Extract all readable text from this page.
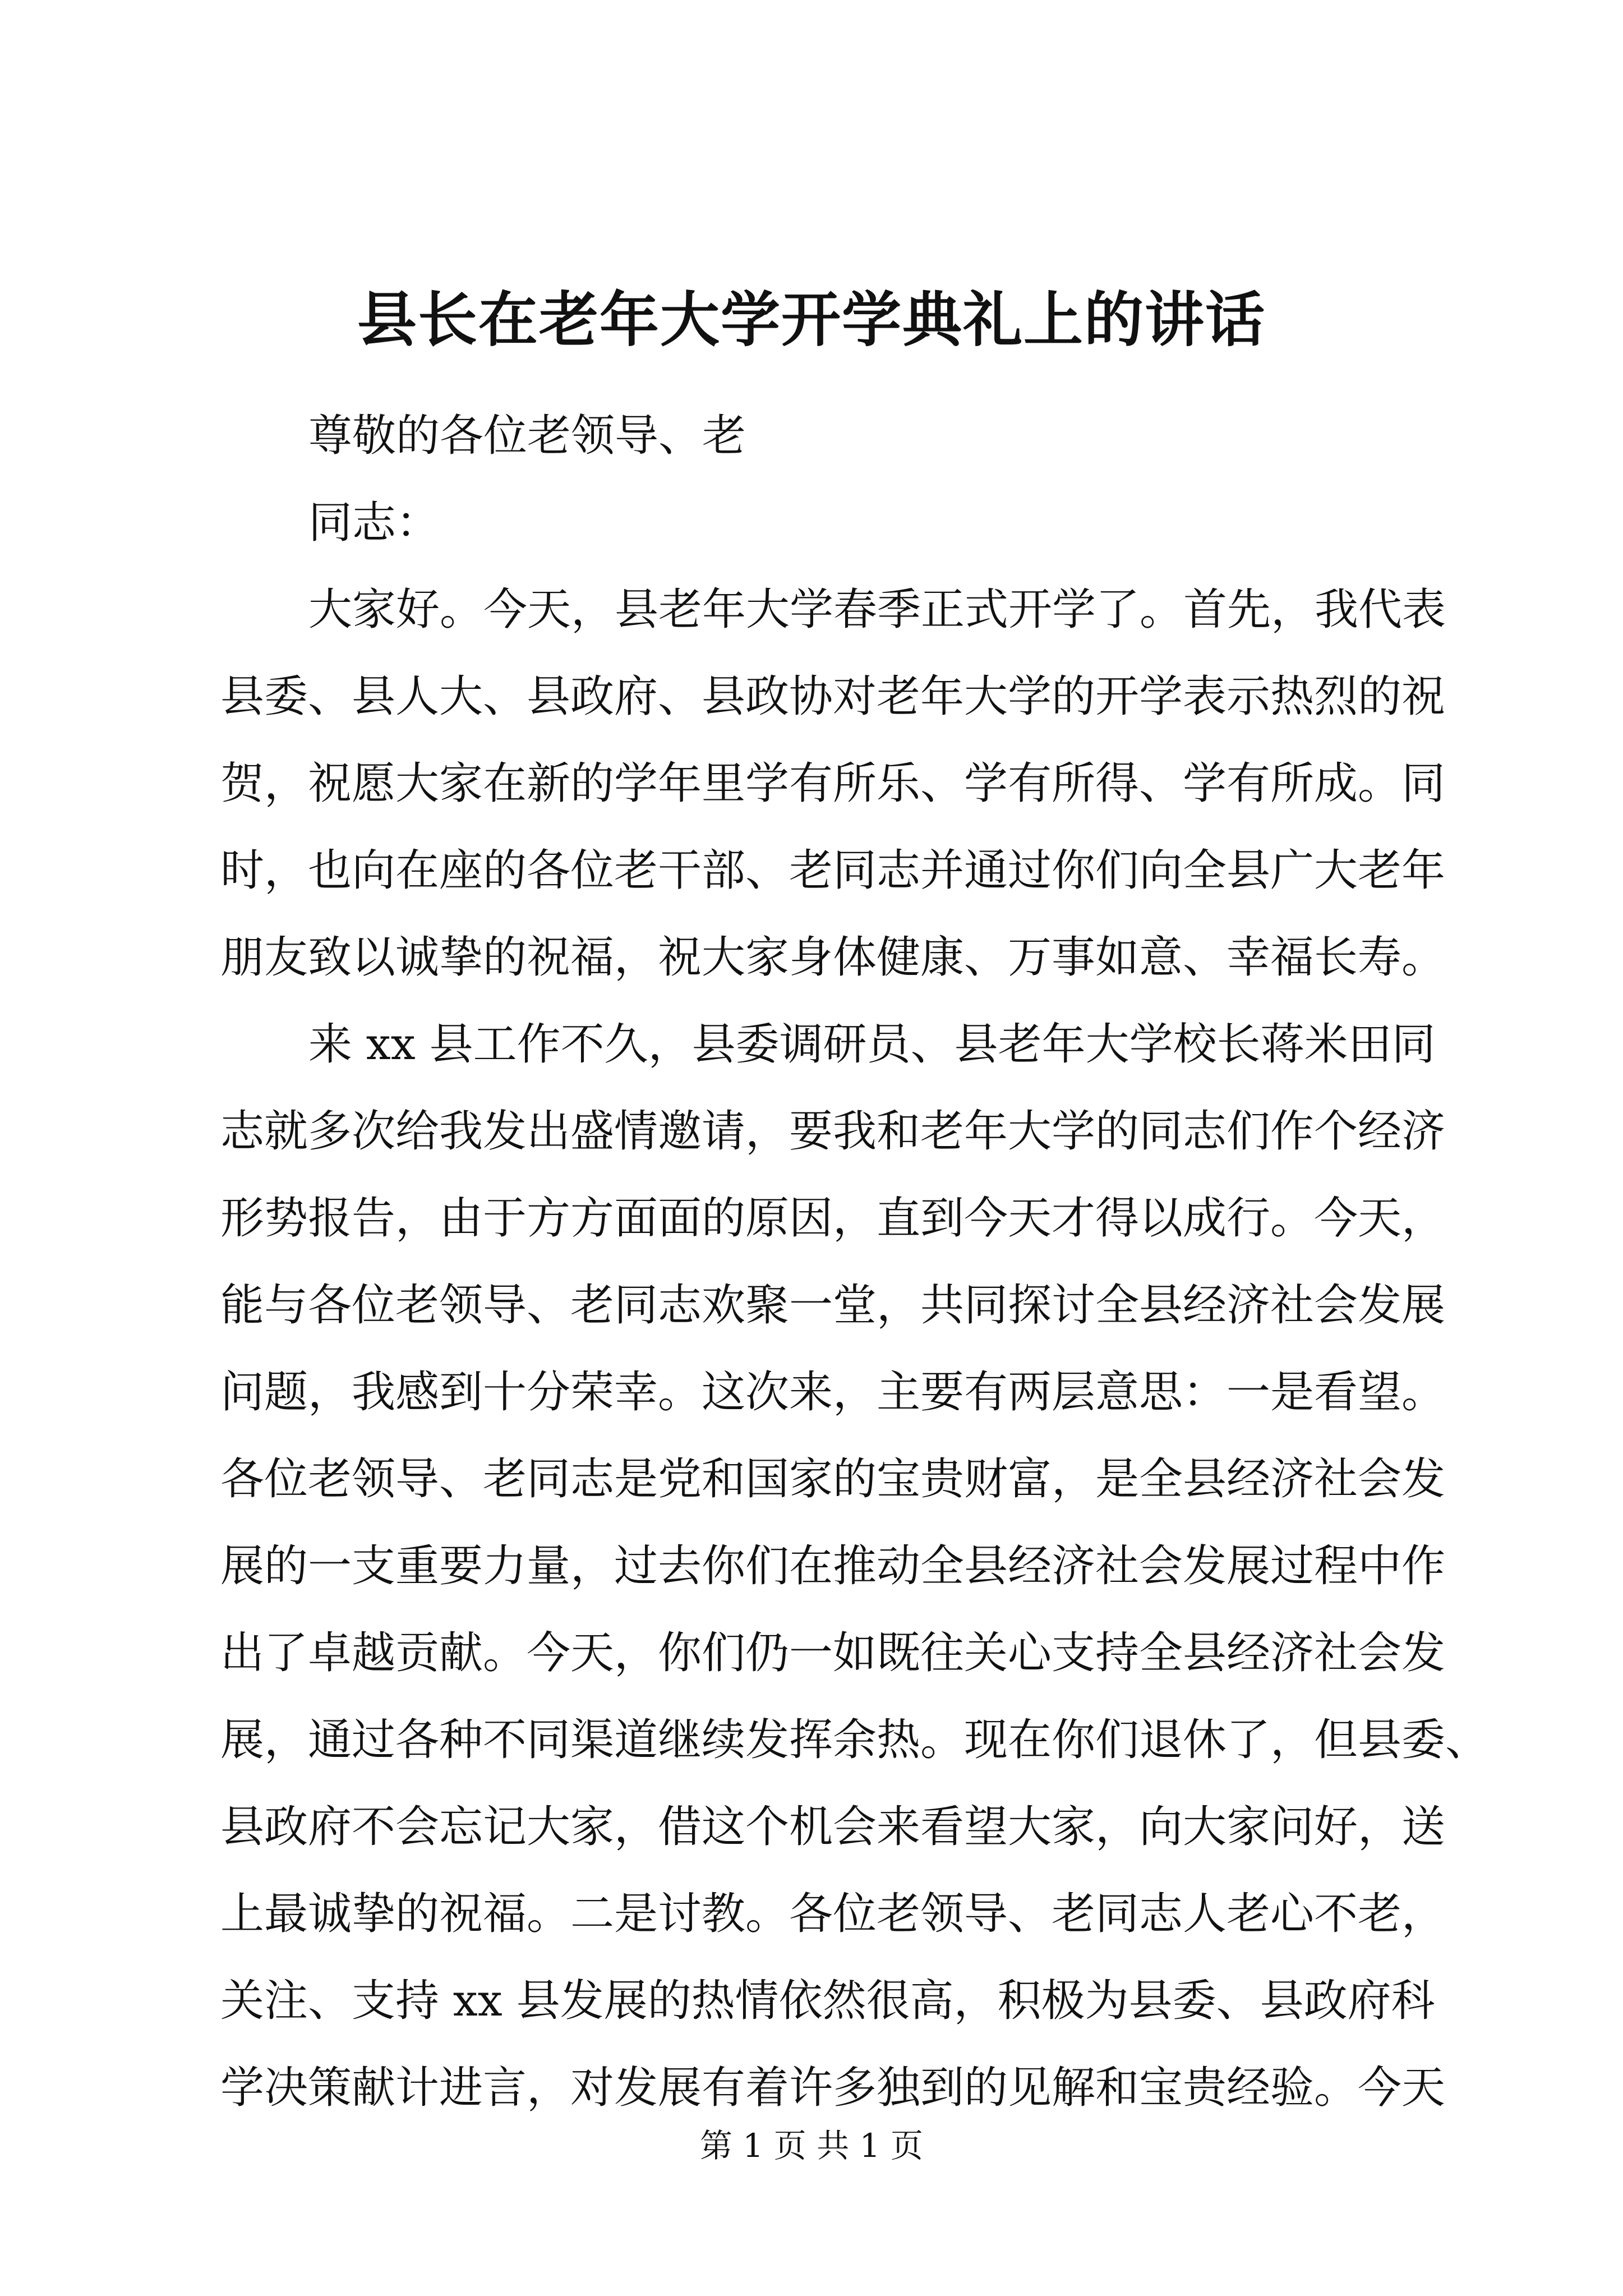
县长在老年大学开学典礼上的讲话

尊敬的各位老领导、老

同志：

大家好。今天，县老年大学春季正式开学了。首先，我代表

县委、县人大、县政府、县政协对老年大学的开学表示热烈的祝

贺，祝愿大家在新的学年里学有所乐、学有所得、学有所成。同

时，也向在座的各位老干部、老同志并通过你们向全县广大老年

朋友致以诚挚的祝福，祝大家身体健康、万事如意、幸福长寿。

来 xx 县工作不久，县委调研员、县老年大学校长蒋米田同

志就多次给我发出盛情邀请，要我和老年大学的同志们作个经济

形势报告，由于方方面面的原因，直到今天才得以成行。今天，

能与各位老领导、老同志欢聚一堂，共同探讨全县经济社会发展

问题，我感到十分荣幸。这次来，主要有两层意思：一是看望。

各位老领导、老同志是党和国家的宝贵财富，是全县经济社会发

展的一支重要力量，过去你们在推动全县经济社会发展过程中作

出了卓越贡献。今天，你们仍一如既往关心支持全县经济社会发

展，通过各种不同渠道继续发挥余热。现在你们退休了，但县委、

县政府不会忘记大家，借这个机会来看望大家，向大家问好，送

上最诚挚的祝福。二是讨教。各位老领导、老同志人老心不老，

关注、支持 xx 县发展的热情依然很高，积极为县委、县政府科

学决策献计进言，对发展有着许多独到的见解和宝贵经验。今天

第 1 页 共 1 页
